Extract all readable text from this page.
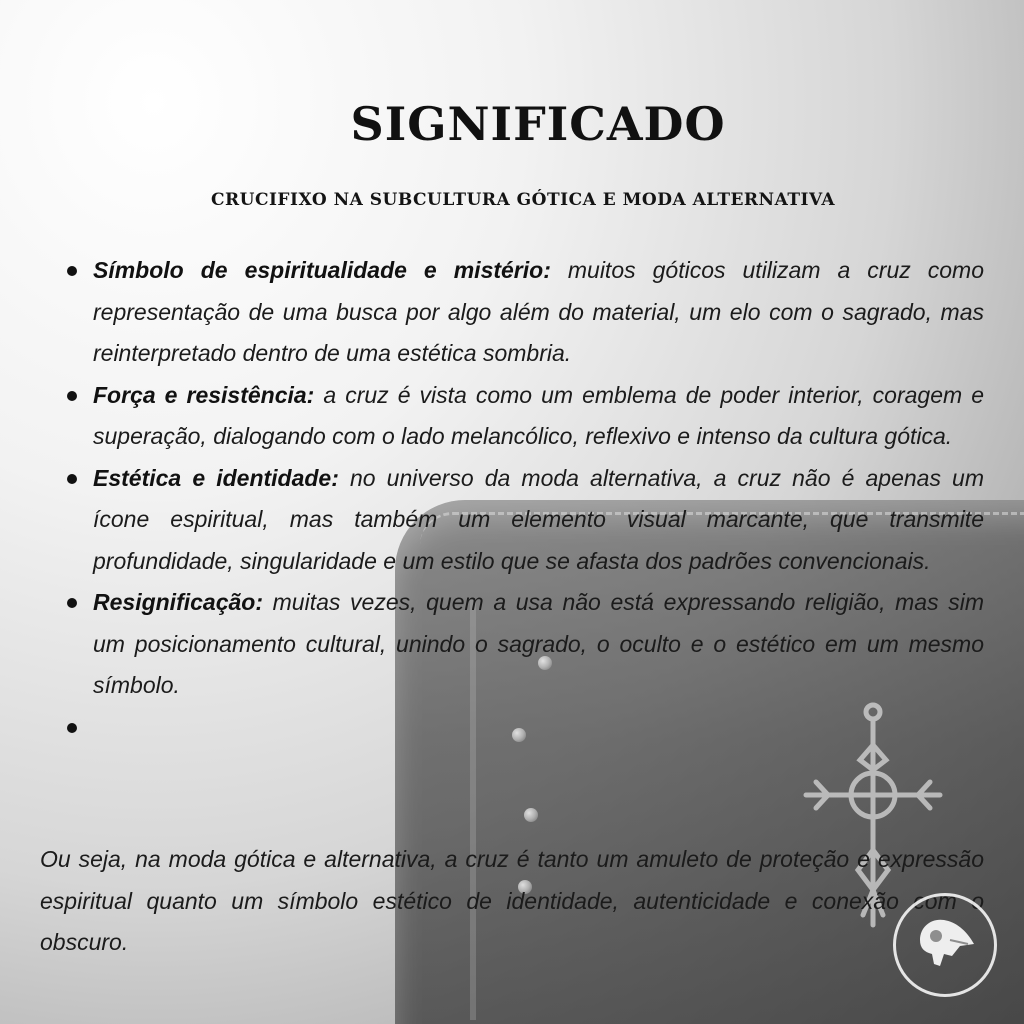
SIGNIFICADO
CRUCIFIXO NA SUBCULTURA GÓTICA E MODA ALTERNATIVA
Símbolo de espiritualidade e mistério: muitos góticos utilizam a cruz como representação de uma busca por algo além do material, um elo com o sagrado, mas reinterpretado dentro de uma estética sombria.
Força e resistência: a cruz é vista como um emblema de poder interior, coragem e superação, dialogando com o lado melancólico, reflexivo e intenso da cultura gótica.
Estética e identidade: no universo da moda alternativa, a cruz não é apenas um ícone espiritual, mas também um elemento visual marcante, que transmite profundidade, singularidade e um estilo que se afasta dos padrões convencionais.
Resignificação: muitas vezes, quem a usa não está expressando religião, mas sim um posicionamento cultural, unindo o sagrado, o oculto e o estético em um mesmo símbolo.

Ou seja, na moda gótica e alternativa, a cruz é tanto um amuleto de proteção e expressão espiritual quanto um símbolo estético de identidade, autenticidade e conexão com o obscuro.
